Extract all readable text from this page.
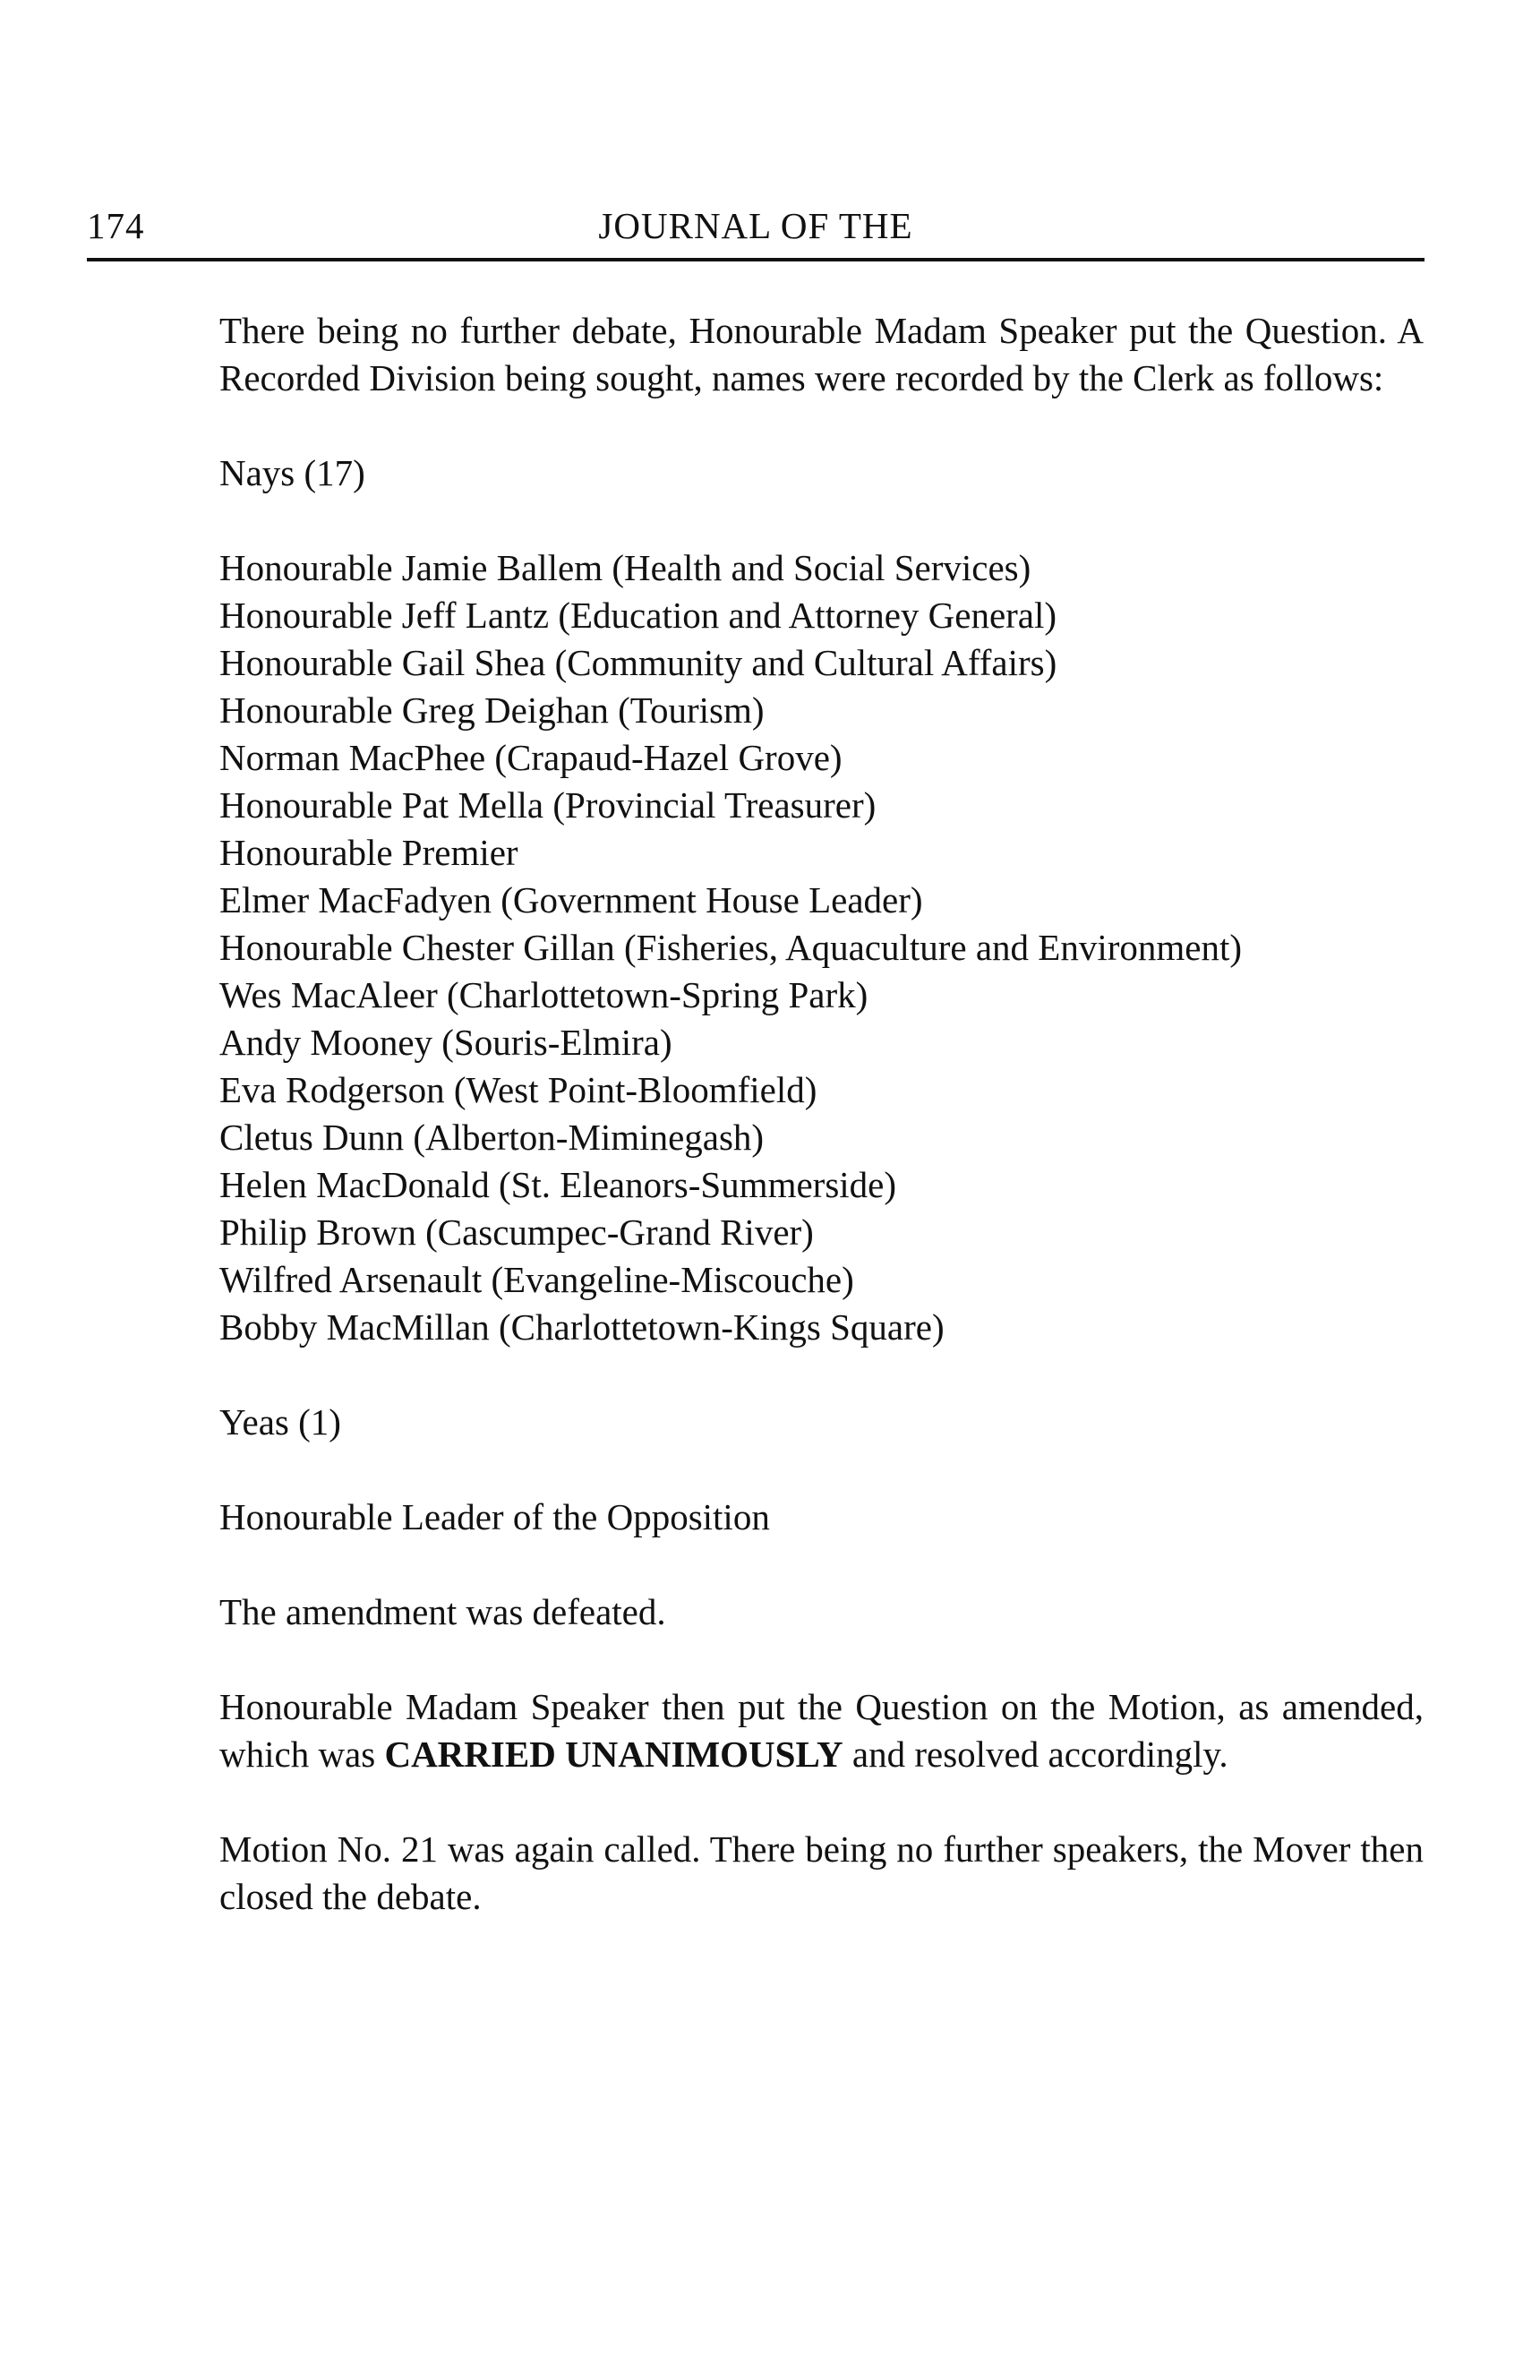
174	JOURNAL OF THE

There being no further debate, Honourable Madam Speaker put the Question. A Recorded Division being sought, names were recorded by the Clerk as follows:

Nays (17)

Honourable Jamie Ballem (Health and Social Services)
Honourable Jeff Lantz (Education and Attorney General)
Honourable Gail Shea (Community and Cultural Affairs)
Honourable Greg Deighan (Tourism)
Norman MacPhee (Crapaud-Hazel Grove)
Honourable Pat Mella (Provincial Treasurer)
Honourable Premier
Elmer MacFadyen (Government House Leader)
Honourable Chester Gillan (Fisheries, Aquaculture and Environment)
Wes MacAleer (Charlottetown-Spring Park)
Andy Mooney (Souris-Elmira)
Eva Rodgerson (West Point-Bloomfield)
Cletus Dunn (Alberton-Miminegash)
Helen MacDonald (St. Eleanors-Summerside)
Philip Brown (Cascumpec-Grand River)
Wilfred Arsenault (Evangeline-Miscouche)
Bobby MacMillan (Charlottetown-Kings Square)

Yeas (1)

Honourable Leader of the Opposition

The amendment was defeated.

Honourable Madam Speaker then put the Question on the Motion, as amended, which was CARRIED UNANIMOUSLY and resolved accordingly.

Motion No. 21 was again called. There being no further speakers, the Mover then closed the debate.
